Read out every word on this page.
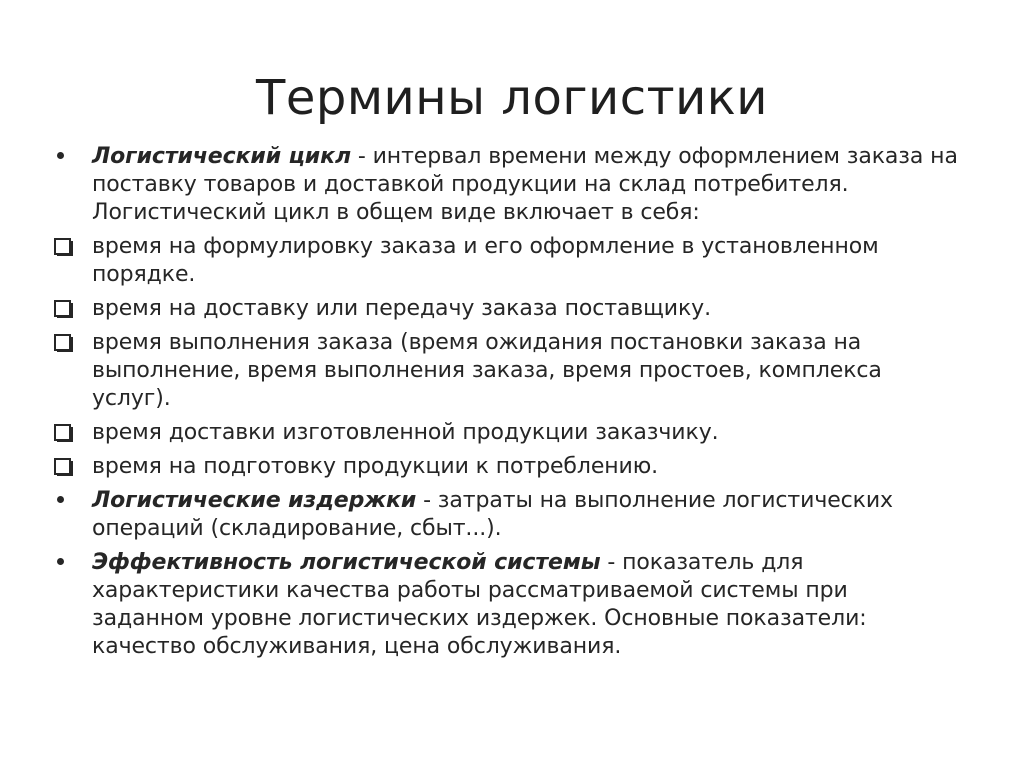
Термины логистики
Логистический цикл - интервал времени между оформлением заказа на поставку товаров и доставкой продукции на склад потребителя. Логистический цикл в общем виде включает в себя:
время на формулировку заказа и его оформление в установленном порядке.
время на доставку или передачу заказа поставщику.
время выполнения заказа (время ожидания постановки заказа на выполнение, время выполнения заказа, время простоев, комплекса услуг).
время доставки изготовленной продукции заказчику.
время на подготовку продукции к потреблению.
Логистические издержки - затраты на выполнение логистических операций (складирование, сбыт...).
Эффективность логистической системы - показатель для характеристики качества работы рассматриваемой системы при заданном уровне логистических издержек. Основные показатели: качество обслуживания, цена обслуживания.
